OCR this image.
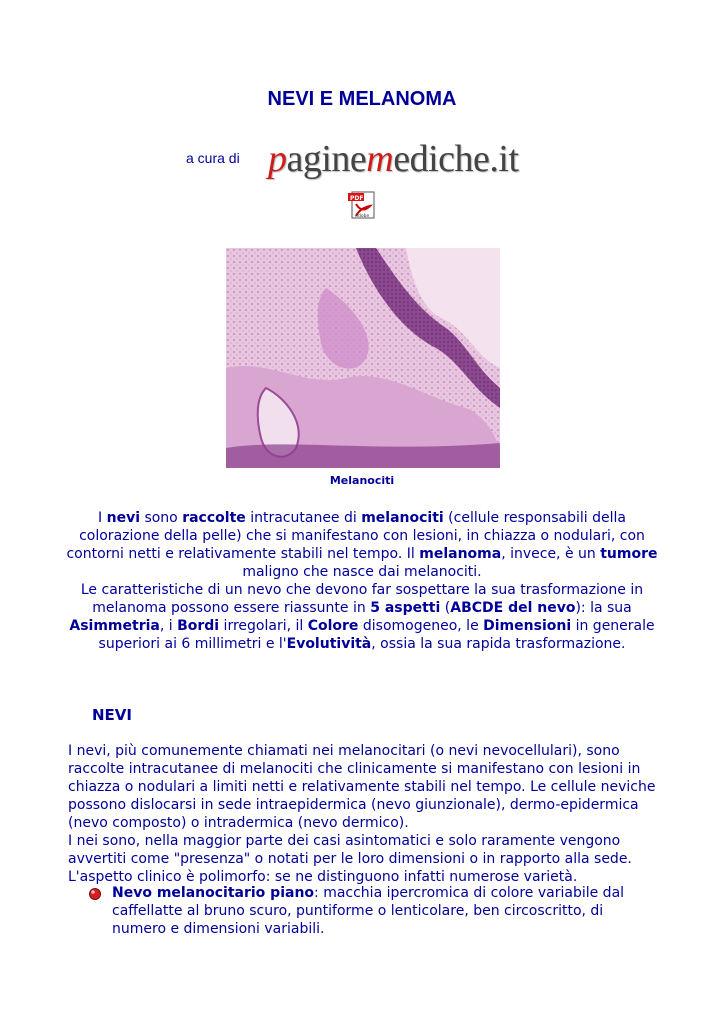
NEVI E MELANOMA
a cura di paginemediche.it
PDF
Adobe
Melanociti

I nevi sono raccolte intracutanee di melanociti (cellule responsabili della colorazione della pelle) che si manifestano con lesioni, in chiazza o nodulari, con contorni netti e relativamente stabili nel tempo. Il melanoma, invece, è un tumore maligno che nasce dai melanociti.
Le caratteristiche di un nevo che devono far sospettare la sua trasformazione in melanoma possono essere riassunte in 5 aspetti (ABCDE del nevo): la sua Asimmetria, i Bordi irregolari, il Colore disomogeneo, le Dimensioni in generale superiori ai 6 millimetri e l'Evolutività, ossia la sua rapida trasformazione.

NEVI
I nevi, più comunemente chiamati nei melanocitari (o nevi nevocellulari), sono raccolte intracutanee di melanociti che clinicamente si manifestano con lesioni in chiazza o nodulari a limiti netti e relativamente stabili nel tempo. Le cellule neviche possono dislocarsi in sede intraepidermica (nevo giunzionale), dermo-epidermica (nevo composto) o intradermica (nevo dermico).
I nei sono, nella maggior parte dei casi asintomatici e solo raramente vengono avvertiti come "presenza" o notati per le loro dimensioni o in rapporto alla sede. L'aspetto clinico è polimorfo: se ne distinguono infatti numerose varietà.
Nevo melanocitario piano: macchia ipercromica di colore variabile dal caffellatte al bruno scuro, puntiforme o lenticolare, ben circoscritto, di numero e dimensioni variabili.
